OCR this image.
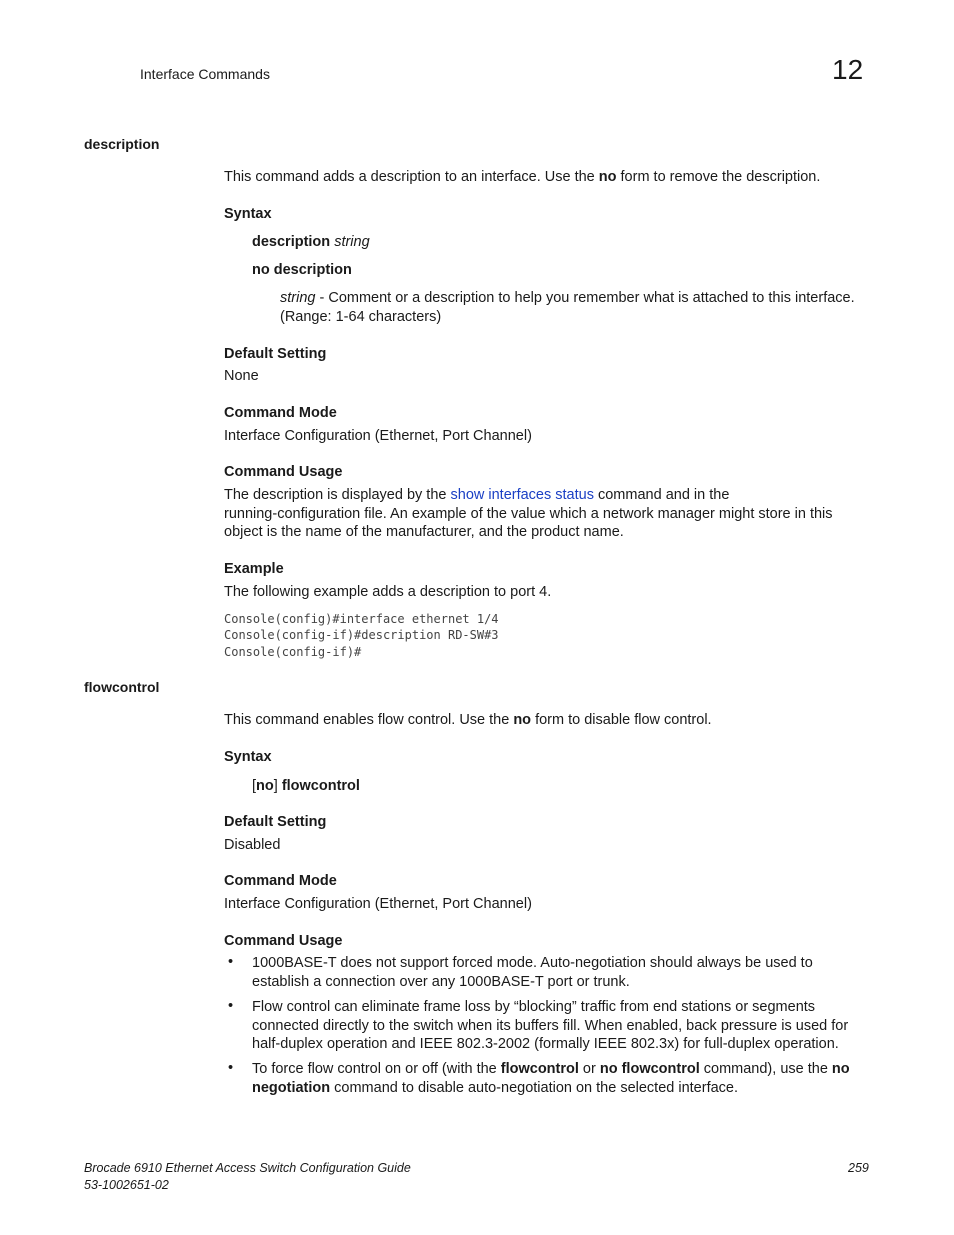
Interface Commands	12
description
This command adds a description to an interface. Use the no form to remove the description.
Syntax
description string
no description
string - Comment or a description to help you remember what is attached to this interface.
(Range: 1-64 characters)
Default Setting
None
Command Mode
Interface Configuration (Ethernet, Port Channel)
Command Usage
The description is displayed by the show interfaces status command and in the
running-configuration file. An example of the value which a network manager might store in this
object is the name of the manufacturer, and the product name.
Example
The following example adds a description to port 4.
Console(config)#interface ethernet 1/4
Console(config-if)#description RD-SW#3
Console(config-if)#
flowcontrol
This command enables flow control. Use the no form to disable flow control.
Syntax
[no] flowcontrol
Default Setting
Disabled
Command Mode
Interface Configuration (Ethernet, Port Channel)
Command Usage
• 1000BASE-T does not support forced mode. Auto-negotiation should always be used to
establish a connection over any 1000BASE-T port or trunk.
• Flow control can eliminate frame loss by “blocking” traffic from end stations or segments
connected directly to the switch when its buffers fill. When enabled, back pressure is used for
half-duplex operation and IEEE 802.3-2002 (formally IEEE 802.3x) for full-duplex operation.
• To force flow control on or off (with the flowcontrol or no flowcontrol command), use the no
negotiation command to disable auto-negotiation on the selected interface.
Brocade 6910 Ethernet Access Switch Configuration Guide
53-1002651-02
259
